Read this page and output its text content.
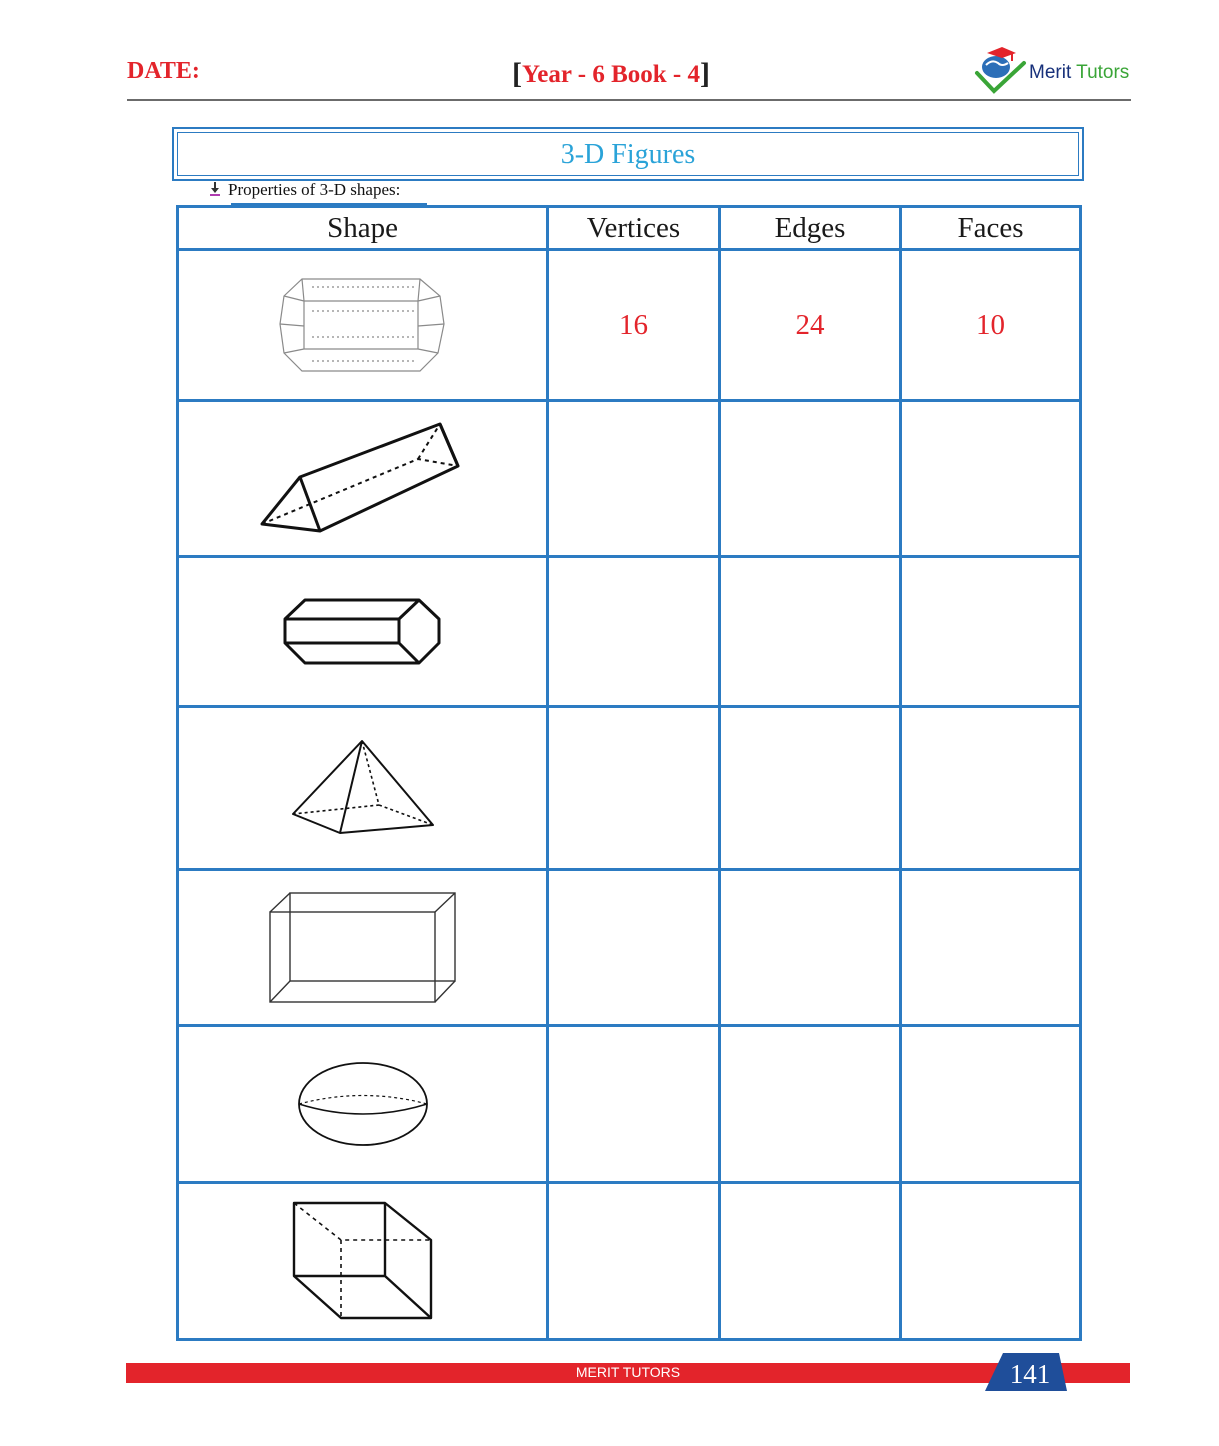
DATE:	[Year - 6 Book - 4]	Merit Tutors
3-D Figures
Properties of 3-D shapes:
Shape	Vertices	Edges	Faces

	16	24	10

MERIT TUTORS	141
